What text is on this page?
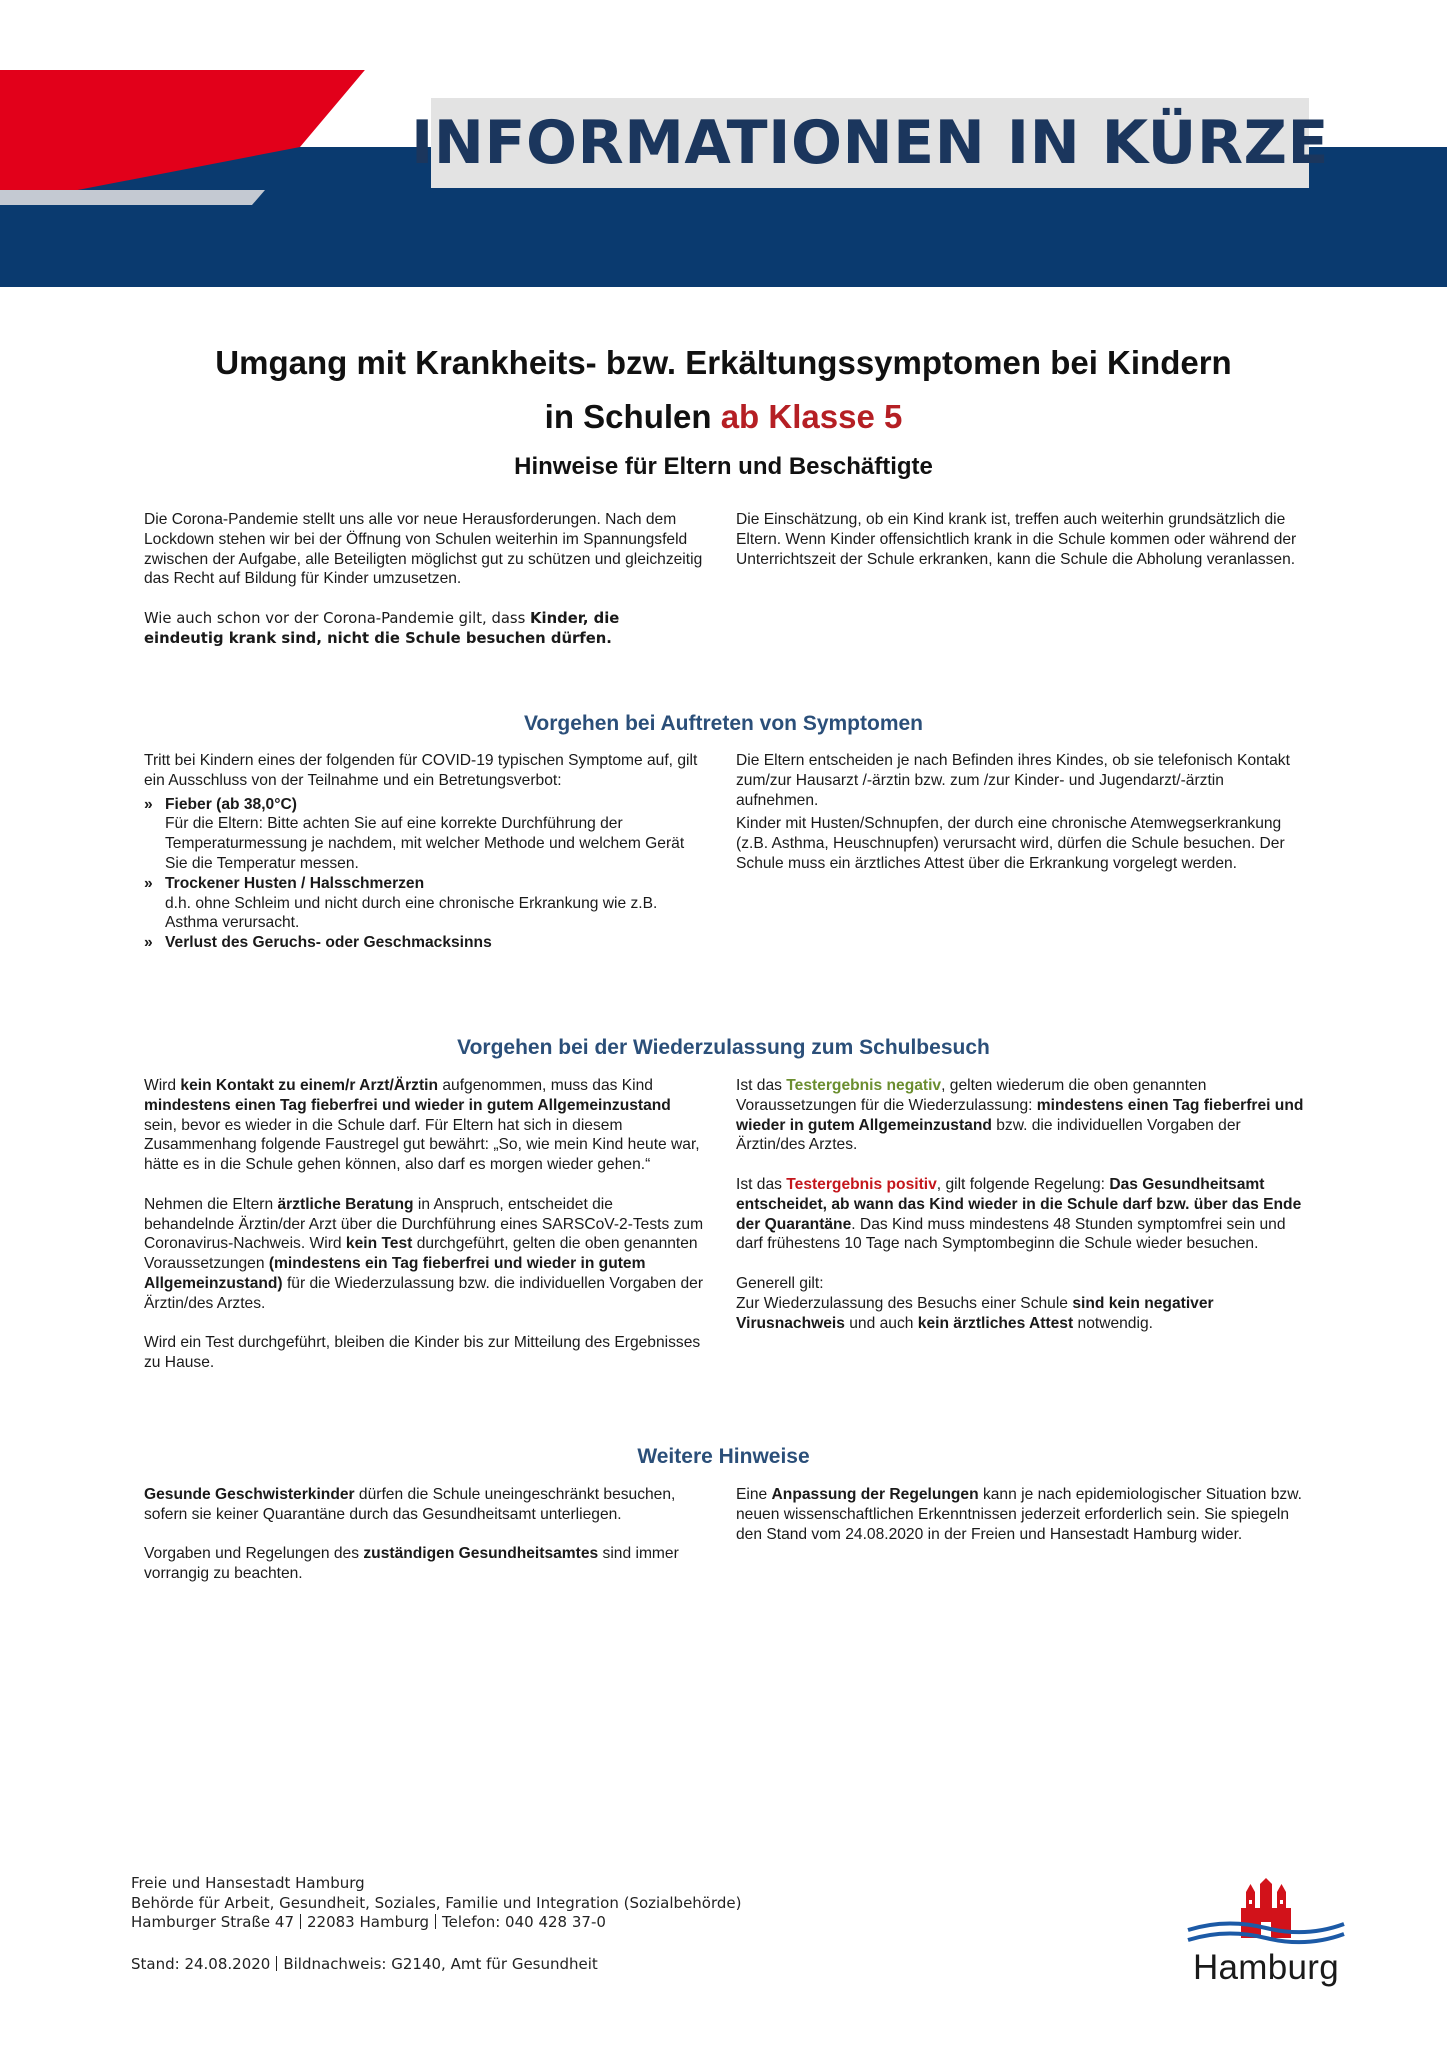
INFORMATIONEN IN KÜRZE
Umgang mit Krankheits- bzw. Erkältungssymptomen bei Kindern
in Schulen ab Klasse 5
Hinweise für Eltern und Beschäftigte

Die Corona-Pandemie stellt uns alle vor neue Herausforderungen. Nach dem Lockdown stehen wir bei der Öffnung von Schulen weiterhin im Spannungsfeld zwischen der Aufgabe, alle Beteiligten möglichst gut zu schützen und gleichzeitig das Recht auf Bildung für Kinder umzusetzen.

Wie auch schon vor der Corona-Pandemie gilt, dass Kinder, die eindeutig krank sind, nicht die Schule besuchen dürfen.

Die Einschätzung, ob ein Kind krank ist, treffen auch weiterhin grundsätzlich die Eltern. Wenn Kinder offensichtlich krank in die Schule kommen oder während der Unterrichtszeit der Schule erkranken, kann die Schule die Abholung veranlassen.

Vorgehen bei Auftreten von Symptomen

Tritt bei Kindern eines der folgenden für COVID-19 typischen Symptome auf, gilt ein Ausschluss von der Teilnahme und ein Betretungsverbot:

» Fieber (ab 38,0°C)
Für die Eltern: Bitte achten Sie auf eine korrekte Durchführung der Temperaturmessung je nachdem, mit welcher Methode und welchem Gerät Sie die Temperatur messen.
» Trockener Husten / Halsschmerzen
d.h. ohne Schleim und nicht durch eine chronische Erkrankung wie z.B. Asthma verursacht.
» Verlust des Geruchs- oder Geschmacksinns

Die Eltern entscheiden je nach Befinden ihres Kindes, ob sie telefonisch Kontakt zum/zur Hausarzt /-ärztin bzw. zum /zur Kinder- und Jugendarzt/-ärztin aufnehmen.

Kinder mit Husten/Schnupfen, der durch eine chronische Atemwegserkrankung (z.B. Asthma, Heuschnupfen) verursacht wird, dürfen die Schule besuchen. Der Schule muss ein ärztliches Attest über die Erkrankung vorgelegt werden.

Vorgehen bei der Wiederzulassung zum Schulbesuch

Wird kein Kontakt zu einem/r Arzt/Ärztin aufgenommen, muss das Kind mindestens einen Tag fieberfrei und wieder in gutem Allgemeinzustand sein, bevor es wieder in die Schule darf. Für Eltern hat sich in diesem Zusammenhang folgende Faustregel gut bewährt: „So, wie mein Kind heute war, hätte es in die Schule gehen können, also darf es morgen wieder gehen.“

Nehmen die Eltern ärztliche Beratung in Anspruch, entscheidet die behandelnde Ärztin/der Arzt über die Durchführung eines SARSCoV-2-Tests zum Coronavirus-Nachweis. Wird kein Test durchgeführt, gelten die oben genannten Voraussetzungen (mindestens ein Tag fieberfrei und wieder in gutem Allgemeinzustand) für die Wiederzulassung bzw. die individuellen Vorgaben der Ärztin/des Arztes.

Wird ein Test durchgeführt, bleiben die Kinder bis zur Mitteilung des Ergebnisses zu Hause.

Ist das Testergebnis negativ, gelten wiederum die oben genannten Voraussetzungen für die Wiederzulassung: mindestens einen Tag fieberfrei und wieder in gutem Allgemeinzustand bzw. die individuellen Vorgaben der Ärztin/des Arztes.

Ist das Testergebnis positiv, gilt folgende Regelung: Das Gesundheitsamt entscheidet, ab wann das Kind wieder in die Schule darf bzw. über das Ende der Quarantäne. Das Kind muss mindestens 48 Stunden symptomfrei sein und darf frühestens 10 Tage nach Symptombeginn die Schule wieder besuchen.

Generell gilt:
Zur Wiederzulassung des Besuchs einer Schule sind kein negativer Virusnachweis und auch kein ärztliches Attest notwendig.

Weitere Hinweise

Gesunde Geschwisterkinder dürfen die Schule uneingeschränkt besuchen, sofern sie keiner Quarantäne durch das Gesundheitsamt unterliegen.

Vorgaben und Regelungen des zuständigen Gesundheitsamtes sind immer vorrangig zu beachten.

Eine Anpassung der Regelungen kann je nach epidemiologischer Situation bzw. neuen wissenschaftlichen Erkenntnissen jederzeit erforderlich sein. Sie spiegeln den Stand vom 24.08.2020 in der Freien und Hansestadt Hamburg wider.

Freie und Hansestadt Hamburg
Behörde für Arbeit, Gesundheit, Soziales, Familie und Integration (Sozialbehörde)
Hamburger Straße 47 22083 Hamburg Telefon: 040 428 37-0
Stand: 24.08.2020 Bildnachweis: G2140, Amt für Gesundheit	Hamburg
